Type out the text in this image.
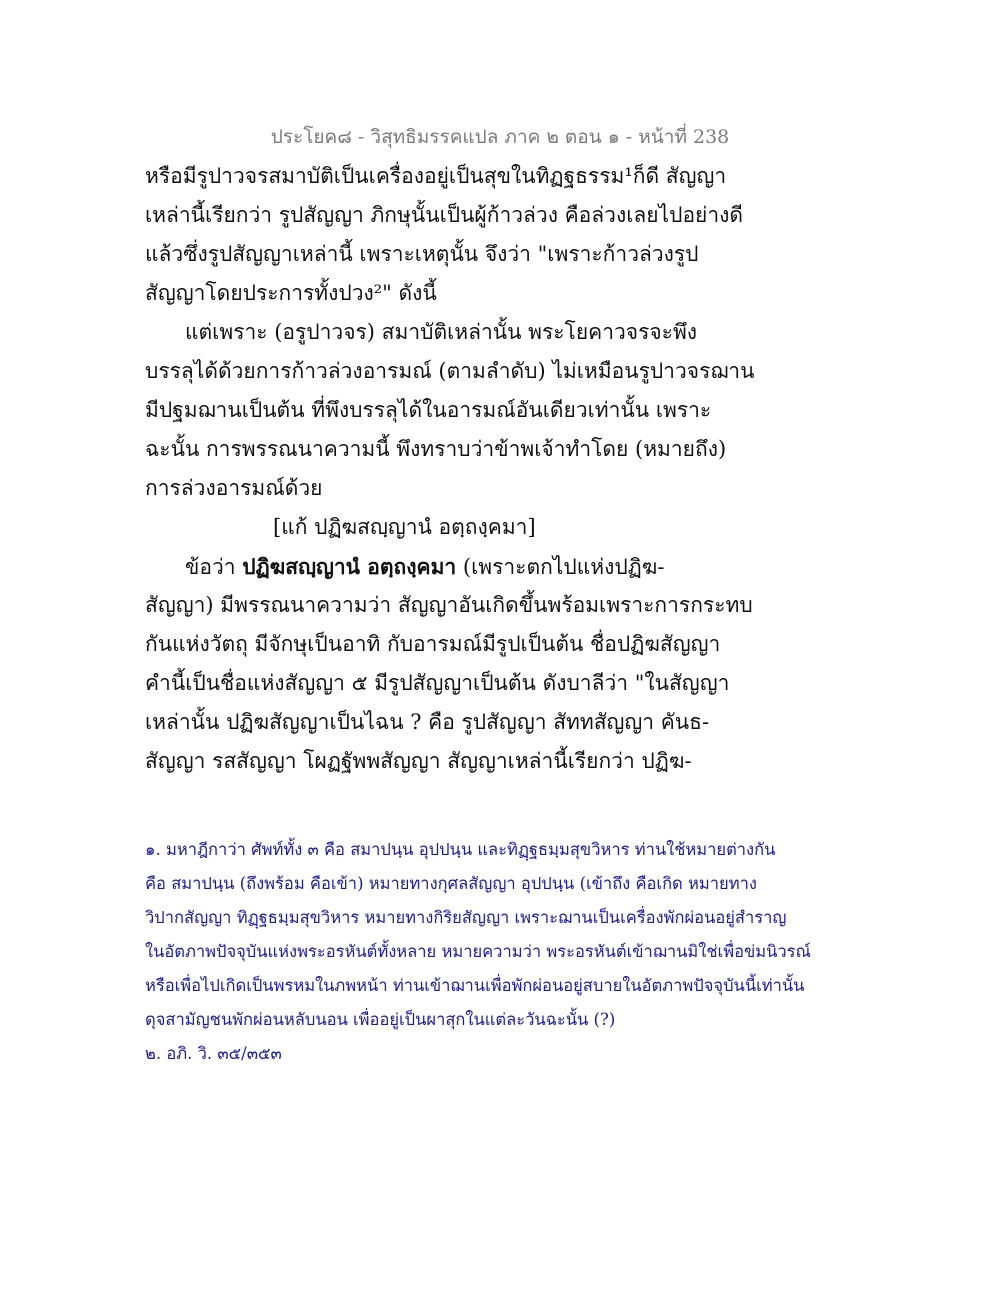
ประโยค๘ - วิสุทธิมรรคแปล ภาค ๒ ตอน ๑ - หน้าที่ 238
หรือมีรูปาวจรสมาบัติเป็นเครื่องอยู่เป็นสุขในทิฏฐธรรม¹ก็ดี สัญญา
เหล่านี้เรียกว่า รูปสัญญา ภิกษุนั้นเป็นผู้ก้าวล่วง คือล่วงเลยไปอย่างดี
แล้วซึ่งรูปสัญญาเหล่านี้ เพราะเหตุนั้น จึงว่า "เพราะก้าวล่วงรูป
สัญญาโดยประการทั้งปวง²" ดังนี้
แต่เพราะ (อรูปาวจร) สมาบัติเหล่านั้น พระโยคาวจรจะพึง
บรรลุได้ด้วยการก้าวล่วงอารมณ์ (ตามลำดับ) ไม่เหมือนรูปาวจรฌาน
มีปฐมฌานเป็นต้น ที่พึงบรรลุได้ในอารมณ์อันเดียวเท่านั้น เพราะ
ฉะนั้น การพรรณนาความนี้ พึงทราบว่าข้าพเจ้าทำโดย (หมายถึง)
การล่วงอารมณ์ด้วย
[แก้ ปฏิฆสญฺญานํ อตฺถงฺคมา]
ข้อว่า ปฏิฆสญฺญานํ อตฺถงฺคมา (เพราะตกไปแห่งปฏิฆ-
สัญญา) มีพรรณนาความว่า สัญญาอันเกิดขึ้นพร้อมเพราะการกระทบ
กันแห่งวัตถุ มีจักษุเป็นอาทิ กับอารมณ์มีรูปเป็นต้น ชื่อปฏิฆสัญญา
คำนี้เป็นชื่อแห่งสัญญา ๕ มีรูปสัญญาเป็นต้น ดังบาลีว่า "ในสัญญา
เหล่านั้น ปฏิฆสัญญาเป็นไฉน ? คือ รูปสัญญา สัททสัญญา คันธ-
สัญญา รสสัญญา โผฏฐัพพสัญญา สัญญาเหล่านี้เรียกว่า ปฏิฆ-
๑. มหาฎีกาว่า ศัพท์ทั้ง ๓ คือ สมาปนฺน อุปปนฺน และทิฏฺฐธมฺมสุขวิหาร ท่านใช้หมายต่างกัน
คือ สมาปนฺน (ถึงพร้อม คือเข้า) หมายทางกุศลสัญญา อุปปนฺน (เข้าถึง คือเกิด หมายทาง
วิปากสัญญา ทิฏฺฐธมฺมสุขวิหาร หมายทางกิริยสัญญา เพราะฌานเป็นเครื่องพักผ่อนอยู่สำราญ
ในอัตภาพปัจจุบันแห่งพระอรหันต์ทั้งหลาย หมายความว่า พระอรหันต์เข้าฌานมิใช่เพื่อข่มนิวรณ์
หรือเพื่อไปเกิดเป็นพรหมในภพหน้า ท่านเข้าฌานเพื่อพักผ่อนอยู่สบายในอัตภาพปัจจุบันนี้เท่านั้น
ดุจสามัญชนพักผ่อนหลับนอน เพื่ออยู่เป็นผาสุกในแต่ละวันฉะนั้น (?)
๒. อภิ. วิ. ๓๕/๓๕๓
